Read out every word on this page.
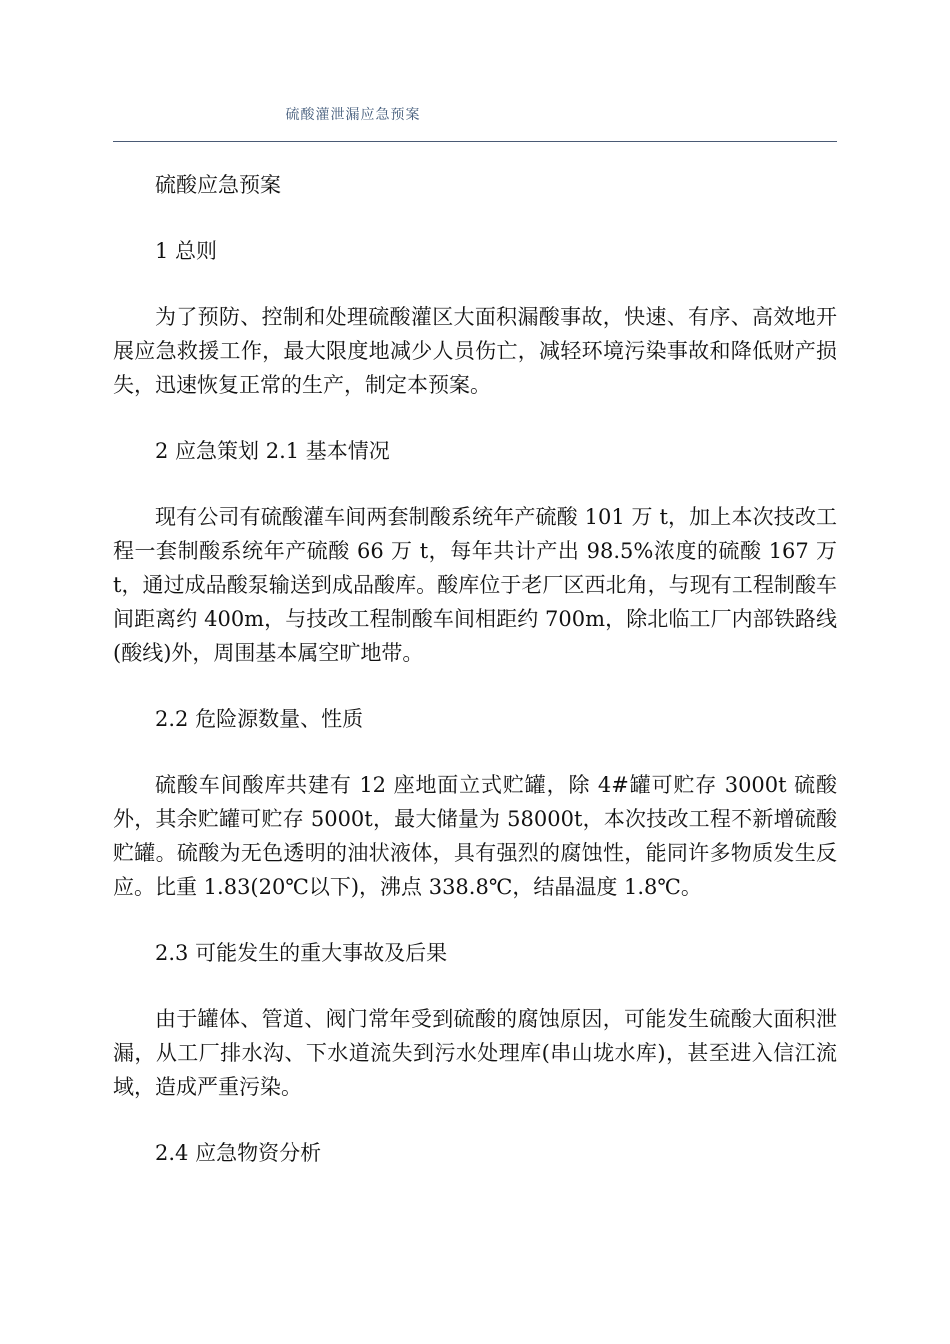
硫酸灌泄漏应急预案

硫酸应急预案

1 总则

为了预防、控制和处理硫酸灌区大面积漏酸事故，快速、有序、高效地开展应急救援工作，最大限度地减少人员伤亡，减轻环境污染事故和降低财产损失，迅速恢复正常的生产，制定本预案。

2 应急策划 2.1 基本情况

现有公司有硫酸灌车间两套制酸系统年产硫酸 101 万 t，加上本次技改工程一套制酸系统年产硫酸 66 万 t，每年共计产出 98.5%浓度的硫酸 167 万 t，通过成品酸泵输送到成品酸库。酸库位于老厂区西北角，与现有工程制酸车间距离约 400m，与技改工程制酸车间相距约 700m，除北临工厂内部铁路线(酸线)外，周围基本属空旷地带。

2.2 危险源数量、性质

硫酸车间酸库共建有 12 座地面立式贮罐，除 4#罐可贮存 3000t 硫酸外，其余贮罐可贮存 5000t，最大储量为 58000t，本次技改工程不新增硫酸贮罐。硫酸为无色透明的油状液体，具有强烈的腐蚀性，能同许多物质发生反应。比重 1.83(20℃以下)，沸点 338.8℃，结晶温度 1.8℃。

2.3 可能发生的重大事故及后果

由于罐体、管道、阀门常年受到硫酸的腐蚀原因，可能发生硫酸大面积泄漏，从工厂排水沟、下水道流失到污水处理库(串山垅水库)，甚至进入信江流域，造成严重污染。

2.4 应急物资分析
